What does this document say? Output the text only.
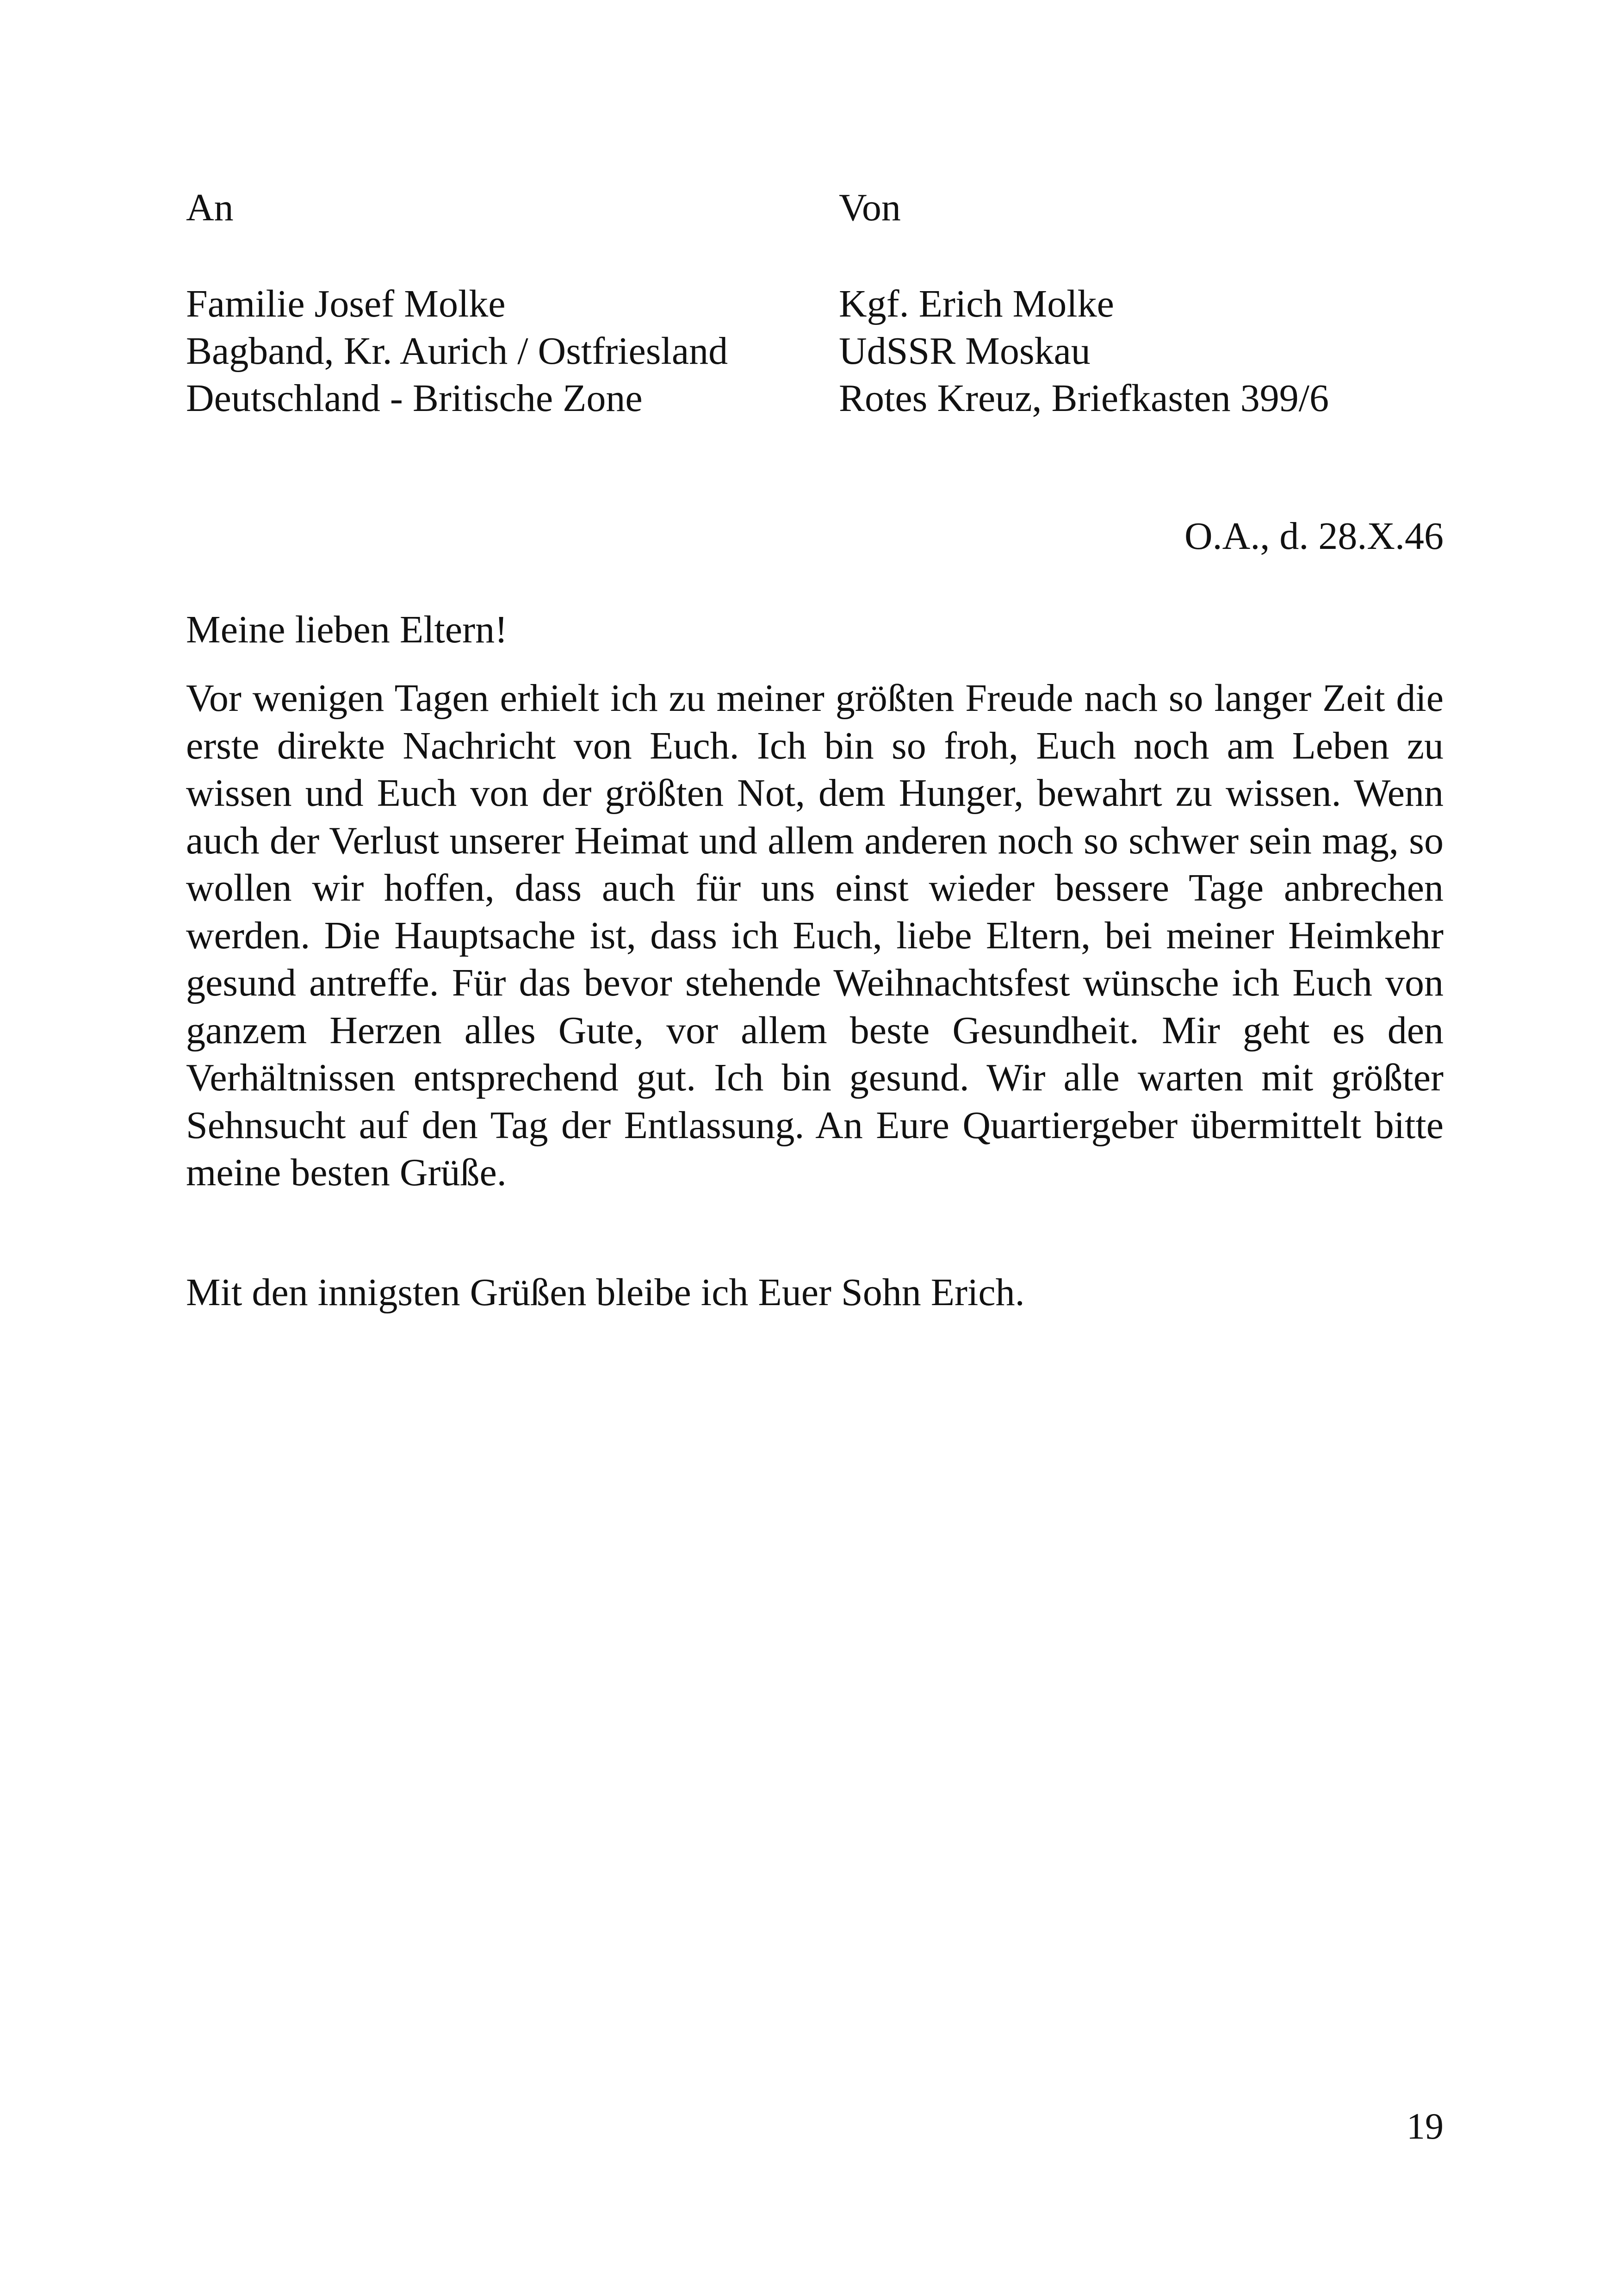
An	Von
Familie Josef Molke
Bagband, Kr. Aurich / Ostfriesland
Deutschland - Britische Zone
Kgf. Erich Molke
UdSSR Moskau
Rotes Kreuz, Briefkasten 399/6
O.A., d. 28.X.46
Meine lieben Eltern!

Vor wenigen Tagen erhielt ich zu meiner größten Freude nach so langer Zeit die erste direkte Nachricht von Euch. Ich bin so froh, Euch noch am Leben zu wissen und Euch von der größten Not, dem Hunger, bewahrt zu wissen. Wenn auch der Verlust unserer Heimat und allem anderen noch so schwer sein mag, so wollen wir hoffen, dass auch für uns einst wieder bessere Tage anbrechen werden. Die Hauptsache ist, dass ich Euch, liebe Eltern, bei meiner Heimkehr gesund antreffe. Für das bevor stehende Weihnachtsfest wünsche ich Euch von ganzem Herzen alles Gute, vor allem beste Gesundheit. Mir geht es den Verhältnissen entsprechend gut. Ich bin gesund. Wir alle warten mit größter Sehnsucht auf den Tag der Entlassung. An Eure Quartiergeber übermittelt bitte meine besten Grüße.

Mit den innigsten Grüßen bleibe ich Euer Sohn Erich.
19
